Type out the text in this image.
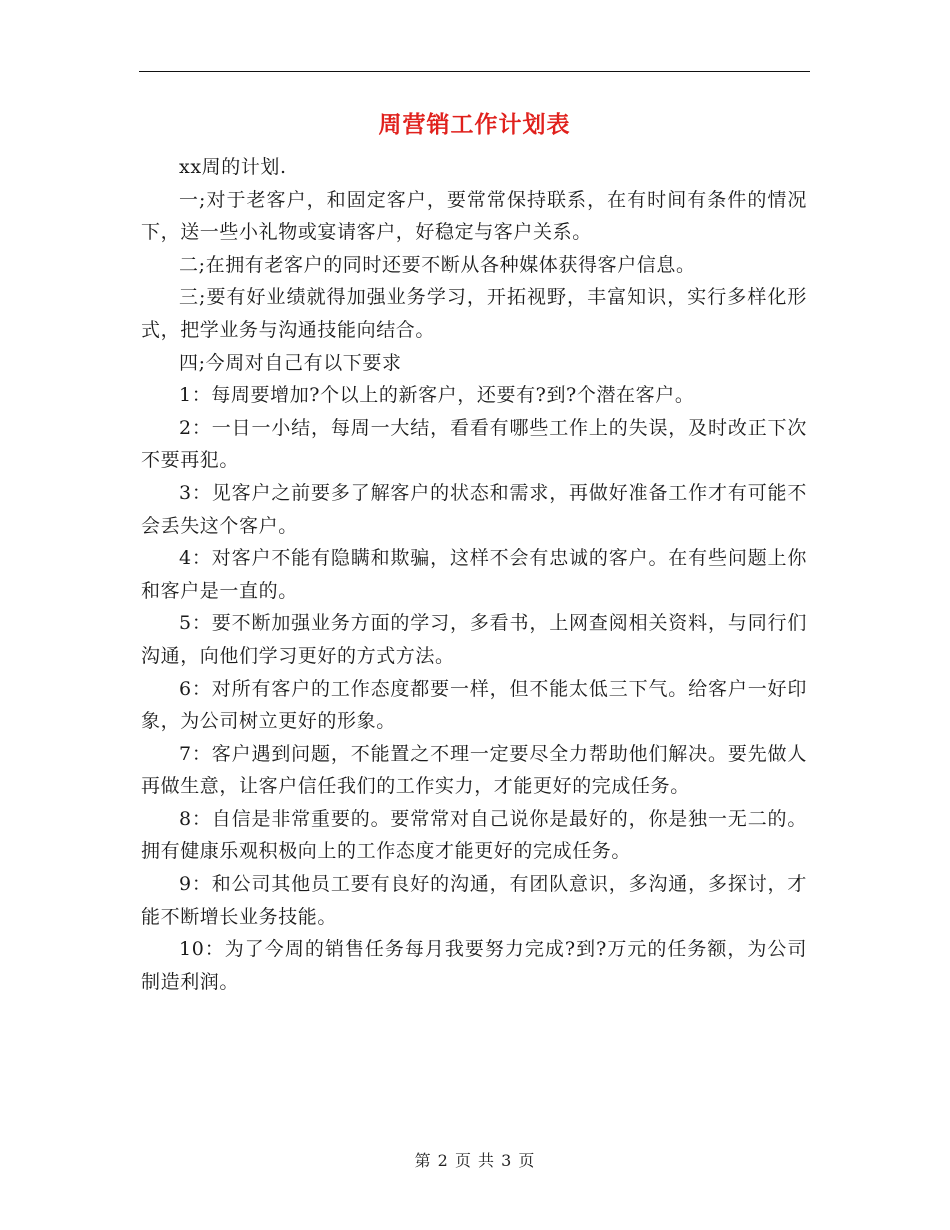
周营销工作计划表

xx周的计划.

一;对于老客户，和固定客户，要常常保持联系，在有时间有条件的情况下，送一些小礼物或宴请客户，好稳定与客户关系。

二;在拥有老客户的同时还要不断从各种媒体获得客户信息。

三;要有好业绩就得加强业务学习，开拓视野，丰富知识，实行多样化形式，把学业务与沟通技能向结合。

四;今周对自己有以下要求

1：每周要增加?个以上的新客户，还要有?到?个潜在客户。

2：一日一小结，每周一大结，看看有哪些工作上的失误，及时改正下次不要再犯。

3：见客户之前要多了解客户的状态和需求，再做好准备工作才有可能不会丢失这个客户。

4：对客户不能有隐瞒和欺骗，这样不会有忠诚的客户。在有些问题上你和客户是一直的。

5：要不断加强业务方面的学习，多看书，上网查阅相关资料，与同行们沟通，向他们学习更好的方式方法。

6：对所有客户的工作态度都要一样，但不能太低三下气。给客户一好印象，为公司树立更好的形象。

7：客户遇到问题，不能置之不理一定要尽全力帮助他们解决。要先做人再做生意，让客户信任我们的工作实力，才能更好的完成任务。

8：自信是非常重要的。要常常对自己说你是最好的，你是独一无二的。拥有健康乐观积极向上的工作态度才能更好的完成任务。

9：和公司其他员工要有良好的沟通，有团队意识，多沟通，多探讨，才能不断增长业务技能。

10：为了今周的销售任务每月我要努力完成?到?万元的任务额，为公司制造利润。

第 2 页 共 3 页
